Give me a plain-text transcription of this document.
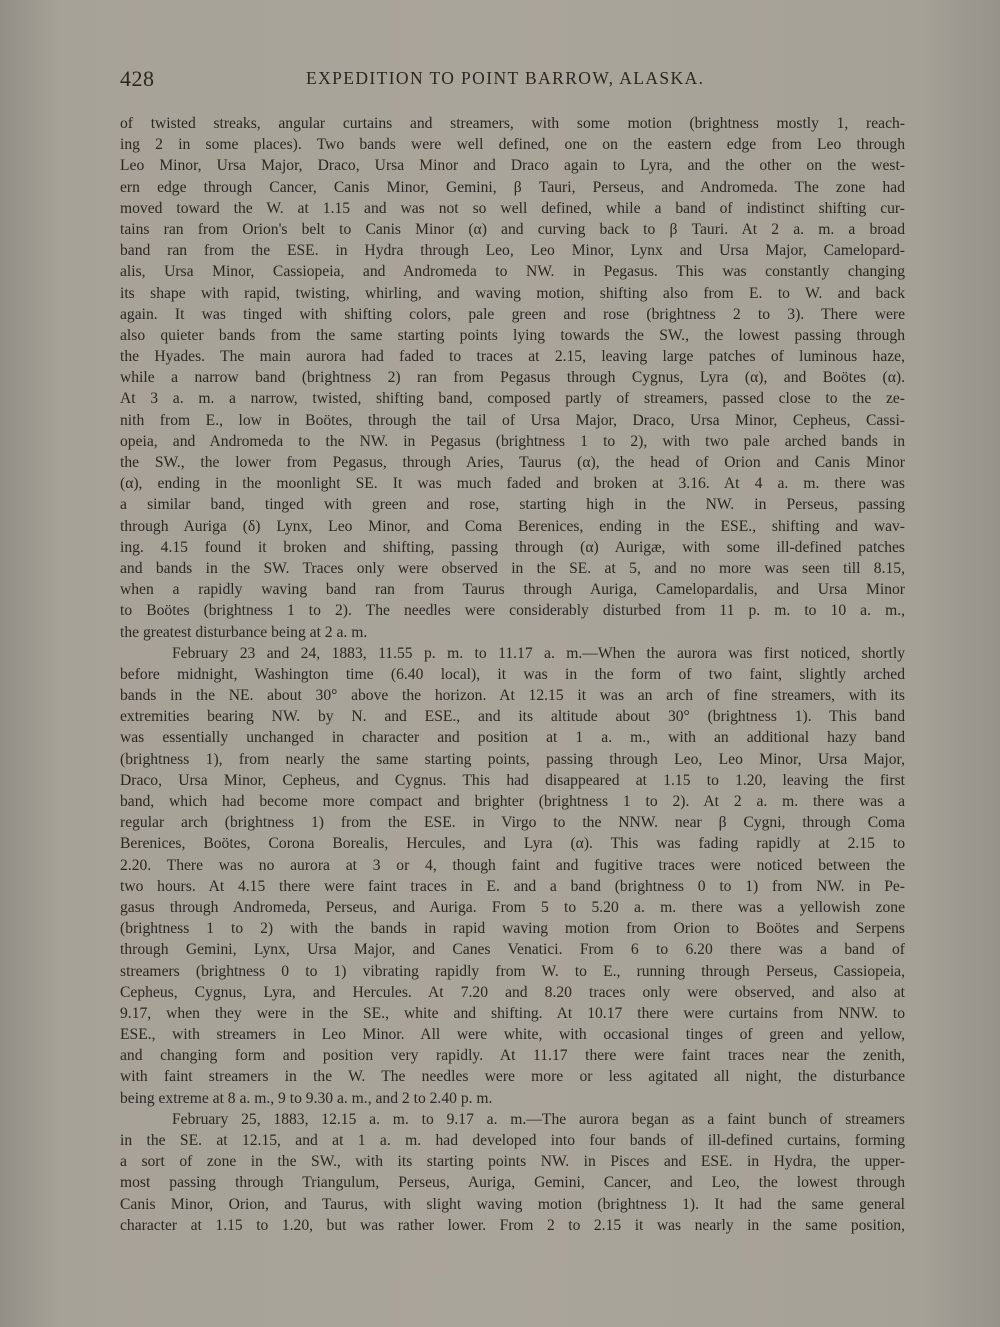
428	EXPEDITION TO POINT BARROW, ALASKA.
of twisted streaks, angular curtains and streamers, with some motion (brightness mostly 1, reach-
ing 2 in some places). Two bands were well defined, one on the eastern edge from Leo through
Leo Minor, Ursa Major, Draco, Ursa Minor and Draco again to Lyra, and the other on the west-
ern edge through Cancer, Canis Minor, Gemini, β Tauri, Perseus, and Andromeda. The zone had
moved toward the W. at 1.15 and was not so well defined, while a band of indistinct shifting cur-
tains ran from Orion's belt to Canis Minor (α) and curving back to β Tauri. At 2 a. m. a broad
band ran from the ESE. in Hydra through Leo, Leo Minor, Lynx and Ursa Major, Camelopard-
alis, Ursa Minor, Cassiopeia, and Andromeda to NW. in Pegasus. This was constantly changing
its shape with rapid, twisting, whirling, and waving motion, shifting also from E. to W. and back
again. It was tinged with shifting colors, pale green and rose (brightness 2 to 3). There were
also quieter bands from the same starting points lying towards the SW., the lowest passing through
the Hyades. The main aurora had faded to traces at 2.15, leaving large patches of luminous haze,
while a narrow band (brightness 2) ran from Pegasus through Cygnus, Lyra (α), and Boötes (α).
At 3 a. m. a narrow, twisted, shifting band, composed partly of streamers, passed close to the ze-
nith from E., low in Boötes, through the tail of Ursa Major, Draco, Ursa Minor, Cepheus, Cassi-
opeia, and Andromeda to the NW. in Pegasus (brightness 1 to 2), with two pale arched bands in
the SW., the lower from Pegasus, through Aries, Taurus (α), the head of Orion and Canis Minor
(α), ending in the moonlight SE. It was much faded and broken at 3.16. At 4 a. m. there was
a similar band, tinged with green and rose, starting high in the NW. in Perseus, passing
through Auriga (δ) Lynx, Leo Minor, and Coma Berenices, ending in the ESE., shifting and wav-
ing. 4.15 found it broken and shifting, passing through (α) Aurigæ, with some ill-defined patches
and bands in the SW. Traces only were observed in the SE. at 5, and no more was seen till 8.15,
when a rapidly waving band ran from Taurus through Auriga, Camelopardalis, and Ursa Minor
to Boötes (brightness 1 to 2). The needles were considerably disturbed from 11 p. m. to 10 a. m.,
the greatest disturbance being at 2 a. m.
February 23 and 24, 1883, 11.55 p. m. to 11.17 a. m.—When the aurora was first noticed, shortly
before midnight, Washington time (6.40 local), it was in the form of two faint, slightly arched
bands in the NE. about 30° above the horizon. At 12.15 it was an arch of fine streamers, with its
extremities bearing NW. by N. and ESE., and its altitude about 30° (brightness 1). This band
was essentially unchanged in character and position at 1 a. m., with an additional hazy band
(brightness 1), from nearly the same starting points, passing through Leo, Leo Minor, Ursa Major,
Draco, Ursa Minor, Cepheus, and Cygnus. This had disappeared at 1.15 to 1.20, leaving the first
band, which had become more compact and brighter (brightness 1 to 2). At 2 a. m. there was a
regular arch (brightness 1) from the ESE. in Virgo to the NNW. near β Cygni, through Coma
Berenices, Boötes, Corona Borealis, Hercules, and Lyra (α). This was fading rapidly at 2.15 to
2.20. There was no aurora at 3 or 4, though faint and fugitive traces were noticed between the
two hours. At 4.15 there were faint traces in E. and a band (brightness 0 to 1) from NW. in Pe-
gasus through Andromeda, Perseus, and Auriga. From 5 to 5.20 a. m. there was a yellowish zone
(brightness 1 to 2) with the bands in rapid waving motion from Orion to Boötes and Serpens
through Gemini, Lynx, Ursa Major, and Canes Venatici. From 6 to 6.20 there was a band of
streamers (brightness 0 to 1) vibrating rapidly from W. to E., running through Perseus, Cassiopeia,
Cepheus, Cygnus, Lyra, and Hercules. At 7.20 and 8.20 traces only were observed, and also at
9.17, when they were in the SE., white and shifting. At 10.17 there were curtains from NNW. to
ESE., with streamers in Leo Minor. All were white, with occasional tinges of green and yellow,
and changing form and position very rapidly. At 11.17 there were faint traces near the zenith,
with faint streamers in the W. The needles were more or less agitated all night, the disturbance
being extreme at 8 a. m., 9 to 9.30 a. m., and 2 to 2.40 p. m.
February 25, 1883, 12.15 a. m. to 9.17 a. m.—The aurora began as a faint bunch of streamers
in the SE. at 12.15, and at 1 a. m. had developed into four bands of ill-defined curtains, forming
a sort of zone in the SW., with its starting points NW. in Pisces and ESE. in Hydra, the upper-
most passing through Triangulum, Perseus, Auriga, Gemini, Cancer, and Leo, the lowest through
Canis Minor, Orion, and Taurus, with slight waving motion (brightness 1). It had the same general
character at 1.15 to 1.20, but was rather lower. From 2 to 2.15 it was nearly in the same position,
